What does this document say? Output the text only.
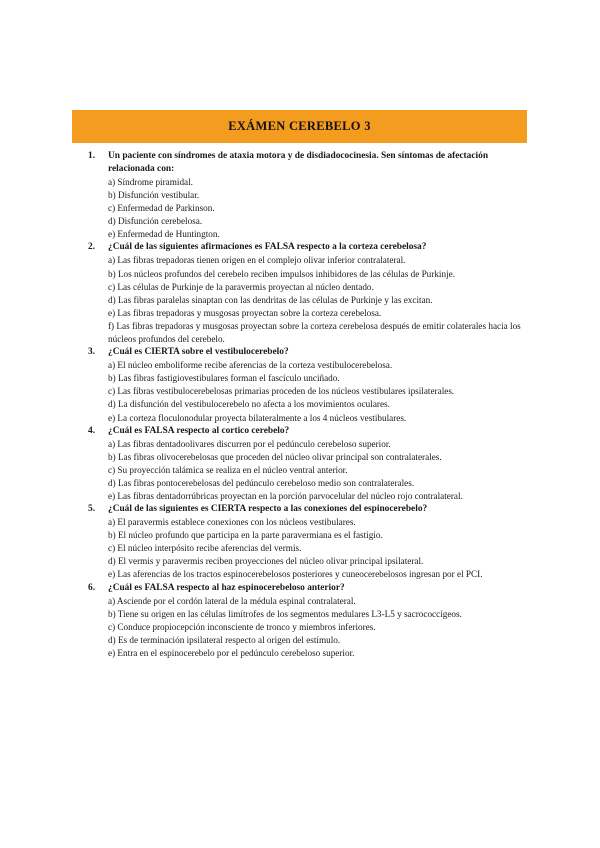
EXÁMEN CEREBELO 3
1.	Un paciente con síndromes de ataxia motora y de disdiadococinesia. Sen síntomas de afectación relacionada con:
a) Síndrome piramidal.
b) Disfunción vestibular.
c) Enfermedad de Parkinson.
d) Disfunción cerebelosa.
e) Enfermedad de Huntington.
2.	¿Cuál de las siguientes afirmaciones es FALSA respecto a la corteza cerebelosa?
a) Las fibras trepadoras tienen origen en el complejo olivar inferior contralateral.
b) Los núcleos profundos del cerebelo reciben impulsos inhibidores de las células de Purkinje.
c) Las células de Purkinje de la paravermis proyectan al núcleo dentado.
d) Las fibras paralelas sinaptan con las dendritas de las células de Purkinje y las excitan.
e) Las fibras trepadoras y musgosas proyectan sobre la corteza cerebelosa.
f) Las fibras trepadoras y musgosas proyectan sobre la corteza cerebelosa después de emitir colaterales hacia los núcleos profundos del cerebelo.
3.	¿Cuál es CIERTA sobre el vestibulocerebelo?
a) El núcleo emboliforme recibe aferencias de la corteza vestibulocerebelosa.
b) Las fibras fastigiovestibulares forman el fascículo unciñado.
c) Las fibras vestibulocerebelosas primarias proceden de los núcleos vestibulares ipsilaterales.
d) La disfunción del vestibulocerebelo no afecta a los movimientos oculares.
e) La corteza floculonodular proyecta bilateralmente a los 4 núcleos vestibulares.
4.	¿Cuál es FALSA respecto al cortico cerebelo?
a) Las fibras dentadoolivares discurren por el pedúnculo cerebeloso superior.
b) Las fibras olivocerebelosas que proceden del núcleo olivar principal son contralaterales.
c) Su proyección talámica se realiza en el núcleo ventral anterior.
d) Las fibras pontocerebelosas del pedúnculo cerebeloso medio son contralaterales.
e) Las fibras dentadorrúbricas proyectan en la porción parvocelular del núcleo rojo contralateral.
5.	¿Cuál de las siguientes es CIERTA respecto a las conexiones del espinocerebelo?
a) El paravermis establece conexiones con los núcleos vestibulares.
b) El núcleo profundo que participa en la parte paravermiana es el fastigio.
c) El núcleo interpósito recibe aferencias del vermis.
d) El vermis y paravermis reciben proyecciones del núcleo olivar principal ipsilateral.
e) Las aferencias de los tractos espinocerebelosos posteriores y cuneocerebelosos ingresan por el PCI.
6.	¿Cuál es FALSA respecto al haz espinocerebeloso anterior?
a) Asciende por el cordón lateral de la médula espinal contralateral.
b) Tiene su origen en las células limítrofes de los segmentos medulares L3-L5 y sacrococcígeos.
c) Conduce propiocepción inconsciente de tronco y miembros inferiores.
d) Es de terminación ipsilateral respecto al origen del estímulo.
e) Entra en el espinocerebelo por el pedúnculo cerebeloso superior.
